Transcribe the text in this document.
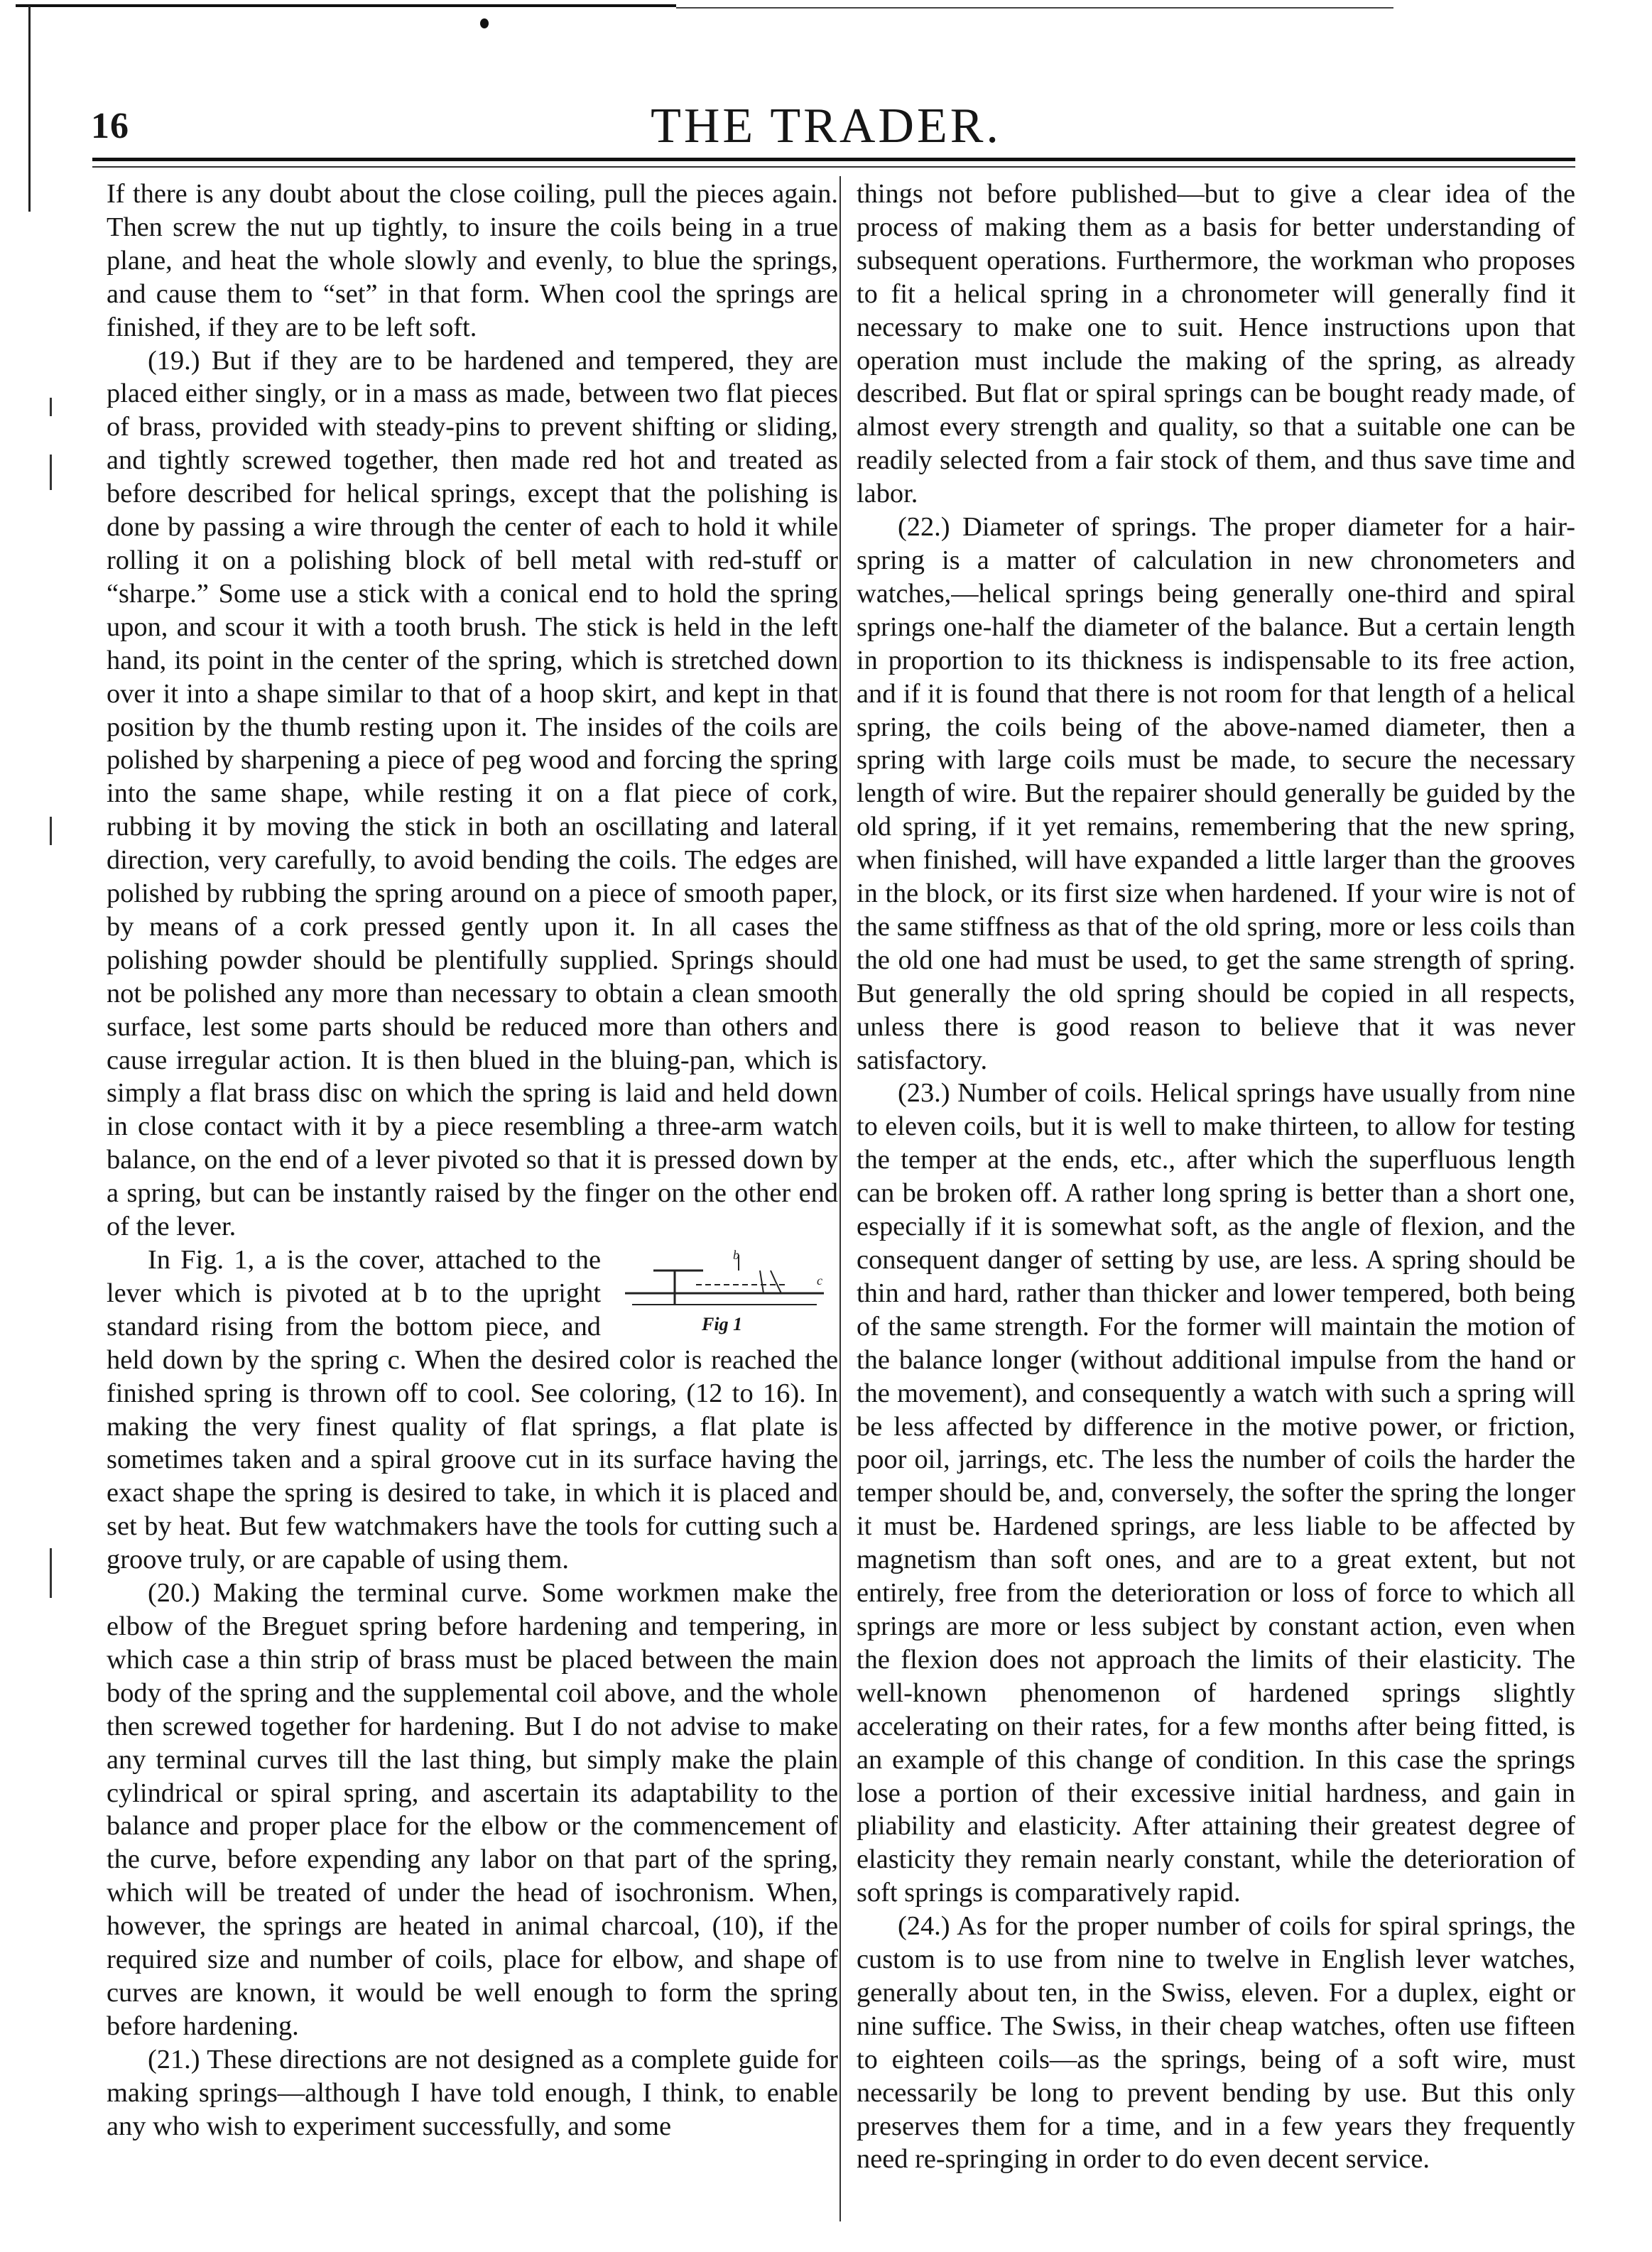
16	THE TRADER.

If there is any doubt about the close coiling, pull the pieces again. Then screw the nut up tightly, to insure the coils being in a true plane, and heat the whole slowly and evenly, to blue the springs, and cause them to “set” in that form. When cool the springs are finished, if they are to be left soft.

(19.) But if they are to be hardened and tempered, they are placed either singly, or in a mass as made, between two flat pieces of brass, provided with steady-pins to prevent shifting or sliding, and tightly screwed together, then made red hot and treated as before described for helical springs, except that the polishing is done by passing a wire through the center of each to hold it while rolling it on a polishing block of bell metal with red-stuff or “sharpe.” Some use a stick with a conical end to hold the spring upon, and scour it with a tooth brush. The stick is held in the left hand, its point in the center of the spring, which is stretched down over it into a shape similar to that of a hoop skirt, and kept in that position by the thumb resting upon it. The insides of the coils are polished by sharpening a piece of peg wood and forcing the spring into the same shape, while resting it on a flat piece of cork, rubbing it by moving the stick in both an oscillating and lateral direction, very carefully, to avoid bending the coils. The edges are polished by rubbing the spring around on a piece of smooth paper, by means of a cork pressed gently upon it. In all cases the polishing powder should be plentifully supplied. Springs should not be polished any more than necessary to obtain a clean smooth surface, lest some parts should be reduced more than others and cause irregular action. It is then blued in the bluing-pan, which is simply a flat brass disc on which the spring is laid and held down in close contact with it by a piece resembling a three-arm watch balance, on the end of a lever pivoted so that it is pressed down by a spring, but can be instantly raised by the finger on the other end of the lever.

b
c
Fig 1
In Fig. 1, a is the cover, attached to the lever which is pivoted at b to the upright standard rising from the bottom piece, and held down by the spring c. When the desired color is reached the finished spring is thrown off to cool. See coloring, (12 to 16). In making the very finest quality of flat springs, a flat plate is sometimes taken and a spiral groove cut in its surface having the exact shape the spring is desired to take, in which it is placed and set by heat. But few watchmakers have the tools for cutting such a groove truly, or are capable of using them.

(20.) Making the terminal curve. Some workmen make the elbow of the Breguet spring before hardening and tempering, in which case a thin strip of brass must be placed between the main body of the spring and the supplemental coil above, and the whole then screwed together for hardening. But I do not advise to make any terminal curves till the last thing, but simply make the plain cylindrical or spiral spring, and ascertain its adaptability to the balance and proper place for the elbow or the commencement of the curve, before expending any labor on that part of the spring, which will be treated of under the head of isochronism. When, however, the springs are heated in animal charcoal, (10), if the required size and number of coils, place for elbow, and shape of curves are known, it would be well enough to form the spring before hardening.

(21.) These directions are not designed as a complete guide for making springs—although I have told enough, I think, to enable any who wish to experiment successfully, and some

things not before published—but to give a clear idea of the process of making them as a basis for better understanding of subsequent operations. Furthermore, the workman who proposes to fit a helical spring in a chronometer will generally find it necessary to make one to suit. Hence instructions upon that operation must include the making of the spring, as already described. But flat or spiral springs can be bought ready made, of almost every strength and quality, so that a suitable one can be readily selected from a fair stock of them, and thus save time and labor.

(22.) Diameter of springs. The proper diameter for a hair-spring is a matter of calculation in new chronometers and watches,—helical springs being generally one-third and spiral springs one-half the diameter of the balance. But a certain length in proportion to its thickness is indispensable to its free action, and if it is found that there is not room for that length of a helical spring, the coils being of the above-named diameter, then a spring with large coils must be made, to secure the necessary length of wire. But the repairer should generally be guided by the old spring, if it yet remains, remembering that the new spring, when finished, will have expanded a little larger than the grooves in the block, or its first size when hardened. If your wire is not of the same stiffness as that of the old spring, more or less coils than the old one had must be used, to get the same strength of spring. But generally the old spring should be copied in all respects, unless there is good reason to believe that it was never satisfactory.

(23.) Number of coils. Helical springs have usually from nine to eleven coils, but it is well to make thirteen, to allow for testing the temper at the ends, etc., after which the superfluous length can be broken off. A rather long spring is better than a short one, especially if it is somewhat soft, as the angle of flexion, and the consequent danger of setting by use, are less. A spring should be thin and hard, rather than thicker and lower tempered, both being of the same strength. For the former will maintain the motion of the balance longer (without additional impulse from the hand or the movement), and consequently a watch with such a spring will be less affected by difference in the motive power, or friction, poor oil, jarrings, etc. The less the number of coils the harder the temper should be, and, conversely, the softer the spring the longer it must be. Hardened springs, are less liable to be affected by magnetism than soft ones, and are to a great extent, but not entirely, free from the deterioration or loss of force to which all springs are more or less subject by constant action, even when the flexion does not approach the limits of their elasticity. The well-known phenomenon of hardened springs slightly accelerating on their rates, for a few months after being fitted, is an example of this change of condition. In this case the springs lose a portion of their excessive initial hardness, and gain in pliability and elasticity. After attaining their greatest degree of elasticity they remain nearly constant, while the deterioration of soft springs is comparatively rapid.

(24.) As for the proper number of coils for spiral springs, the custom is to use from nine to twelve in English lever watches, generally about ten, in the Swiss, eleven. For a duplex, eight or nine suffice. The Swiss, in their cheap watches, often use fifteen to eighteen coils—as the springs, being of a soft wire, must necessarily be long to prevent bending by use. But this only preserves them for a time, and in a few years they frequently need re-springing in order to do even decent service.
